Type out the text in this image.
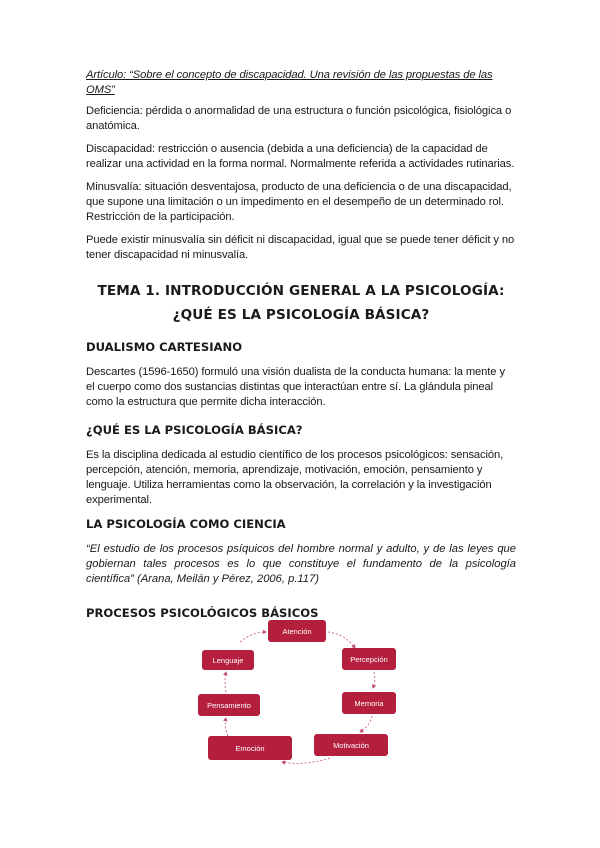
Artículo: “Sobre el concepto de discapacidad. Una revisión de las propuestas de las OMS”

Deficiencia: pérdida o anormalidad de una estructura o función psicológica, fisiológica o anatómica.

Discapacidad: restricción o ausencia (debida a una deficiencia) de la capacidad de realizar una actividad en la forma normal. Normalmente referida a actividades rutinarias.

Minusvalía: situación desventajosa, producto de una deficiencia o de una discapacidad, que supone una limitación o un impedimento en el desempeño de un determinado rol. Restricción de la participación.

Puede existir minusvalía sin déficit ni discapacidad, igual que se puede tener déficit y no tener discapacidad ni minusvalía.

TEMA 1. INTRODUCCIÓN GENERAL A LA PSICOLOGÍA: ¿QUÉ ES LA PSICOLOGÍA BÁSICA?
DUALISMO CARTESIANO

Descartes (1596-1650) formuló una visión dualista de la conducta humana: la mente y el cuerpo como dos sustancias distintas que interactúan entre sí. La glándula pineal como la estructura que permite dicha interacción.

¿QUÉ ES LA PSICOLOGÍA BÁSICA?

Es la disciplina dedicada al estudio científico de los procesos psicológicos: sensación, percepción, atención, memoria, aprendizaje, motivación, emoción, pensamiento y lenguaje. Utiliza herramientas como la observación, la correlación y la investigación experimental.

LA PSICOLOGÍA COMO CIENCIA

“El estudio de los procesos psíquicos del hombre normal y adulto, y de las leyes que gobiernan tales procesos es lo que constituye el fundamento de la psicología científica” (Arana, Meilán y Pérez, 2006, p.117)

PROCESOS PSICOLÓGICOS BÁSICOS
Atención
Percepción
Memoria
Motivación
Emoción
Pensamiento
Lenguaje
